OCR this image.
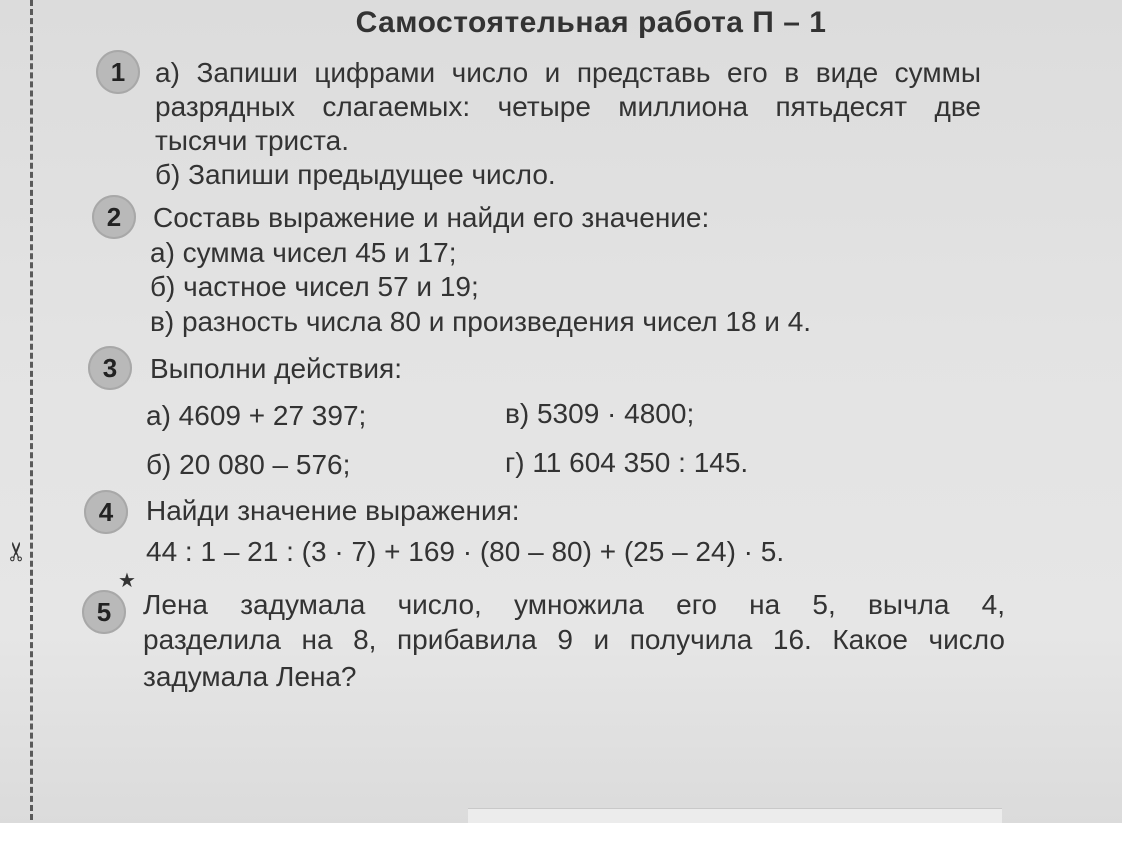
✂
Самостоятельная работа П – 1
1	а) Запиши цифрами число и представь его в виде суммы
разрядных слагаемых: четыре миллиона пятьдесят две
тысячи триста.
б) Запиши предыдущее число.
2	Составь выражение и найди его значение:
а) сумма чисел 45 и 17;
б) частное чисел 57 и 19;
в) разность числа 80 и произведения чисел 18 и 4.
3	Выполни действия:
а) 4609 + 27 397;	в) 5309 · 4800;
б) 20 080 – 576;	г) 11 604 350 : 145.
4	Найди значение выражения:
44 : 1 – 21 : (3 · 7) + 169 · (80 – 80) + (25 – 24) · 5.
★
5	Лена задумала число, умножила его на 5, вычла 4,
разделила на 8, прибавила 9 и получила 16. Какое число
задумала Лена?
